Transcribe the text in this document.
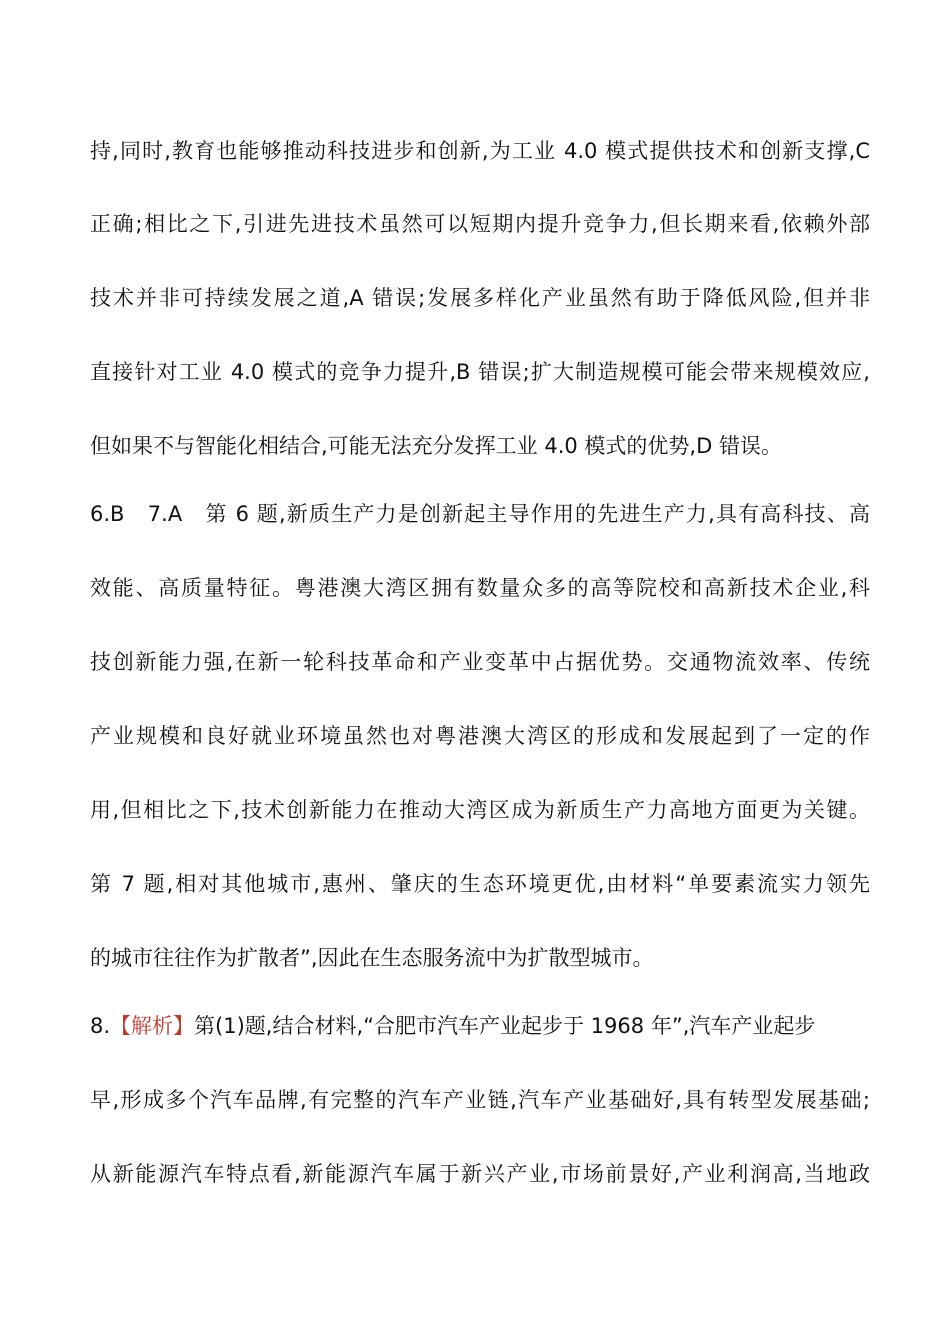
持,同时,教育也能够推动科技进步和创新,为工业 4.0 模式提供技术和创新支撑,C
正确;相比之下,引进先进技术虽然可以短期内提升竞争力,但长期来看,依赖外部
技术并非可持续发展之道,A 错误;发展多样化产业虽然有助于降低风险,但并非
直接针对工业 4.0 模式的竞争力提升,B 错误;扩大制造规模可能会带来规模效应,
但如果不与智能化相结合,可能无法充分发挥工业 4.0 模式的优势,D 错误。
6.B　7.A　第 6 题,新质生产力是创新起主导作用的先进生产力,具有高科技、高
效能、高质量特征。粤港澳大湾区拥有数量众多的高等院校和高新技术企业,科
技创新能力强,在新一轮科技革命和产业变革中占据优势。交通物流效率、传统
产业规模和良好就业环境虽然也对粤港澳大湾区的形成和发展起到了一定的作
用,但相比之下,技术创新能力在推动大湾区成为新质生产力高地方面更为关键。
第 7 题,相对其他城市,惠州、肇庆的生态环境更优,由材料“单要素流实力领先
的城市往往作为扩散者”,因此在生态服务流中为扩散型城市。
8.【解析】第(1)题,结合材料,“合肥市汽车产业起步于 1968 年”,汽车产业起步
早,形成多个汽车品牌,有完整的汽车产业链,汽车产业基础好,具有转型发展基础;
从新能源汽车特点看,新能源汽车属于新兴产业,市场前景好,产业利润高,当地政
